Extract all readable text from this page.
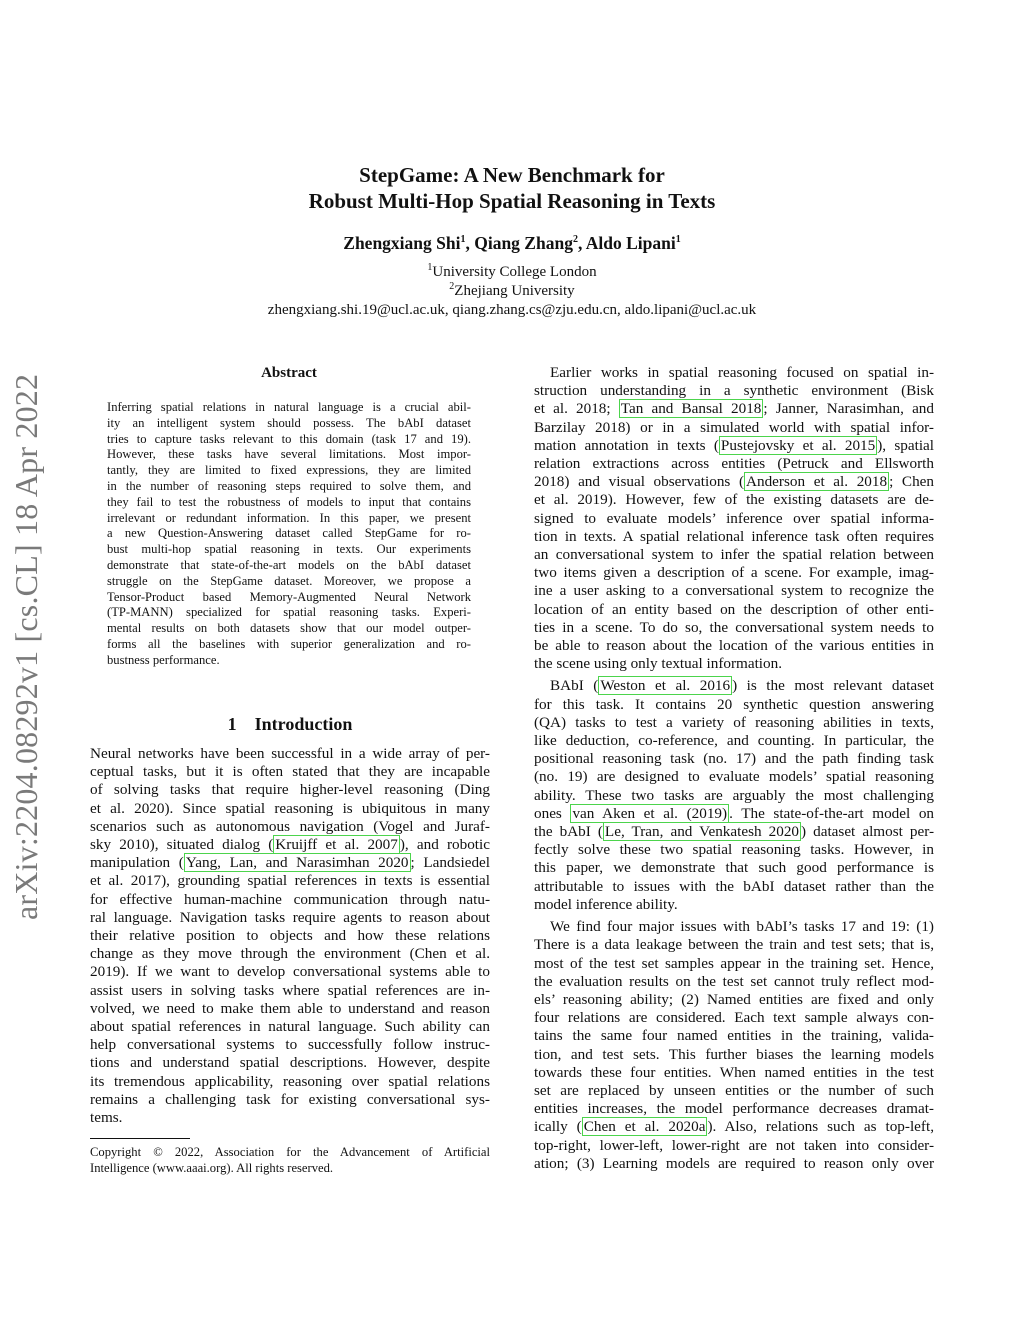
arXiv:2204.08292v1 [cs.CL] 18 Apr 2022
StepGame: A New Benchmark for
Robust Multi-Hop Spatial Reasoning in Texts
Zhengxiang Shi$^1$, Qiang Zhang$^2$, Aldo Lipani$^1$
$^1$University College London
$^2$Zhejiang University
zhengxiang.shi.19@ucl.ac.uk, qiang.zhang.cs@zju.edu.cn, aldo.lipani@ucl.ac.uk
Abstract
Inferring spatial relations in natural language is a crucial abil-
ity an intelligent system should possess. The bAbI dataset
tries to capture tasks relevant to this domain (task 17 and 19).
However, these tasks have several limitations. Most impor-
tantly, they are limited to fixed expressions, they are limited
in the number of reasoning steps required to solve them, and
they fail to test the robustness of models to input that contains
irrelevant or redundant information. In this paper, we present
a new Question-Answering dataset called StepGame for ro-
bust multi-hop spatial reasoning in texts. Our experiments
demonstrate that state-of-the-art models on the bAbI dataset
struggle on the StepGame dataset. Moreover, we propose a
Tensor-Product based Memory-Augmented Neural Network
(TP-MANN) specialized for spatial reasoning tasks. Experi-
mental results on both datasets show that our model outper-
forms all the baselines with superior generalization and ro-
bustness performance.
1 Introduction
Neural networks have been successful in a wide array of per-
ceptual tasks, but it is often stated that they are incapable
of solving tasks that require higher-level reasoning (Ding
et al. 2020). Since spatial reasoning is ubiquitous in many
scenarios such as autonomous navigation (Vogel and Juraf-
sky 2010), situated dialog ( Kruijff et al. 2007 ), and robotic
manipulation ( Yang, Lan, and Narasimhan 2020 ; Landsiedel
et al. 2017), grounding spatial references in texts is essential
for effective human-machine communication through natu-
ral language. Navigation tasks require agents to reason about
their relative position to objects and how these relations
change as they move through the environment (Chen et al.
2019). If we want to develop conversational systems able to
assist users in solving tasks where spatial references are in-
volved, we need to make them able to understand and reason
about spatial references in natural language. Such ability can
help conversational systems to successfully follow instruc-
tions and understand spatial descriptions. However, despite
its tremendous applicability, reasoning over spatial relations
remains a challenging task for existing conversational sys-
tems.
Copyright © 2022, Association for the Advancement of Artificial
Intelligence (www.aaai.org). All rights reserved.
Earlier works in spatial reasoning focused on spatial in-
struction understanding in a synthetic environment (Bisk
et al. 2018; Tan and Bansal 2018 ; Janner, Narasimhan, and
Barzilay 2018) or in a simulated world with spatial infor-
mation annotation in texts ( Pustejovsky et al. 2015 ), spatial
relation extractions across entities (Petruck and Ellsworth
2018) and visual observations ( Anderson et al. 2018 ; Chen
et al. 2019). However, few of the existing datasets are de-
signed to evaluate models’ inference over spatial informa-
tion in texts. A spatial relational inference task often requires
an conversational system to infer the spatial relation between
two items given a description of a scene. For example, imag-
ine a user asking to a conversational system to recognize the
location of an entity based on the description of other enti-
ties in a scene. To do so, the conversational system needs to
be able to reason about the location of the various entities in
the scene using only textual information.
BAbI ( Weston et al. 2016 ) is the most relevant dataset
for this task. It contains 20 synthetic question answering
(QA) tasks to test a variety of reasoning abilities in texts,
like deduction, co-reference, and counting. In particular, the
positional reasoning task (no. 17) and the path finding task
(no. 19) are designed to evaluate models’ spatial reasoning
ability. These two tasks are arguably the most challenging
ones van Aken et al. (2019) . The state-of-the-art model on
the bAbI ( Le, Tran, and Venkatesh 2020 ) dataset almost per-
fectly solve these two spatial reasoning tasks. However, in
this paper, we demonstrate that such good performance is
attributable to issues with the bAbI dataset rather than the
model inference ability.
We find four major issues with bAbI’s tasks 17 and 19: (1)
There is a data leakage between the train and test sets; that is,
most of the test set samples appear in the training set. Hence,
the evaluation results on the test set cannot truly reflect mod-
els’ reasoning ability; (2) Named entities are fixed and only
four relations are considered. Each text sample always con-
tains the same four named entities in the training, valida-
tion, and test sets. This further biases the learning models
towards these four entities. When named entities in the test
set are replaced by unseen entities or the number of such
entities increases, the model performance decreases dramat-
ically ( Chen et al. 2020a ). Also, relations such as top-left,
top-right, lower-left, lower-right are not taken into consider-
ation; (3) Learning models are required to reason only over
